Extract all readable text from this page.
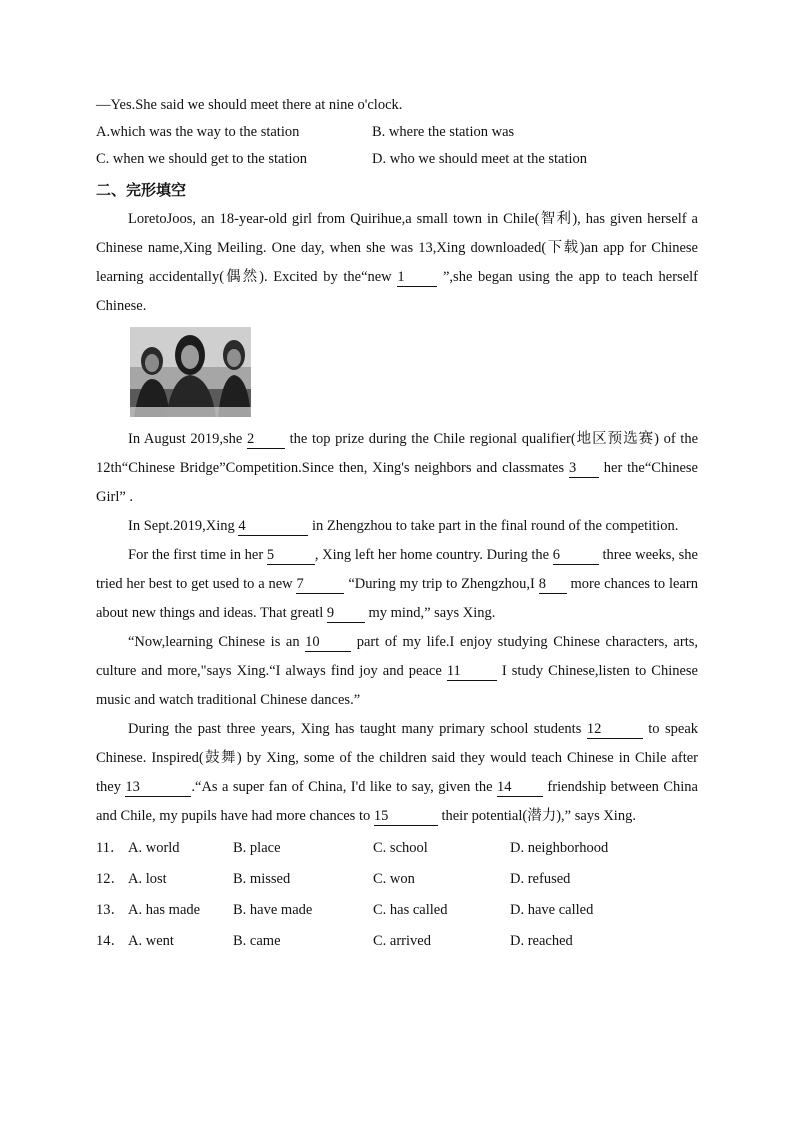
—Yes.She said we should meet there at nine o'clock.
A.which was the way to the station	B. where the station was
C. when we should get to the station	D. who we should meet at the station
二、完形填空

LoretoJoos, an 18-year-old girl from Quirihue,a small town in Chile(智利), has given herself a Chinese name,Xing Meiling. One day, when she was 13,Xing downloaded(下载)an app for Chinese learning accidentally(偶然). Excited by the“new 1 ”,she began using the app to teach herself Chinese.

In August 2019,she 2 the top prize during the Chile regional qualifier(地区预选赛) of the 12th“Chinese Bridge”Competition.Since then, Xing's neighbors and classmates 3 her the“Chinese Girl” .

In Sept.2019,Xing 4	in Zhengzhou to take part in the final round of the competition.

For the first time in her 5	, Xing left her home country. During the 6	three weeks, she tried her best to get used to a new 7	“During my trip to Zhengzhou,I 8 more chances to learn about new things and ideas. That greatl 9 my mind,” says Xing.

“Now,learning Chinese is an 10 part of my life.I enjoy studying Chinese characters, arts, culture and more,"says Xing.“I always find joy and peace 11 I study Chinese,listen to Chinese music and watch traditional Chinese dances.”

During the past three years, Xing has taught many primary school students 12	to speak Chinese. Inspired(鼓舞) by Xing, some of the children said they would teach Chinese in Chile after they 13	.“As a super fan of China, I'd like to say, given the 14 friendship between China and Chile, my pupils have had more chances to 15	their potential(潜力),” says Xing.

11． A. world	B. place	C. school	D. neighborhood
12． A. lost	B. missed	C. won	D. refused
13． A. has made	B. have made	C. has called	D. have called
14． A. went	B. came	C. arrived	D. reached
